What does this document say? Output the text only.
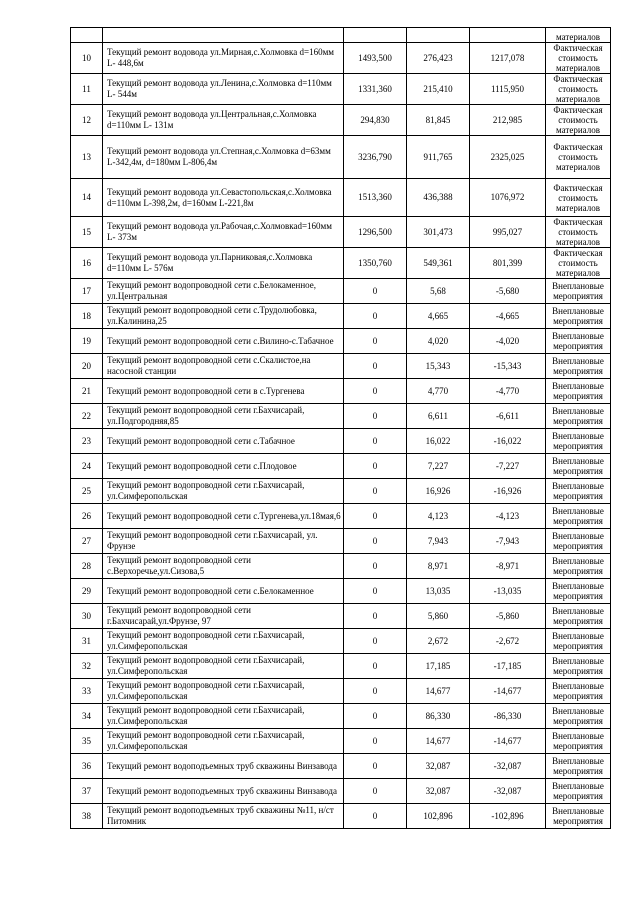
					материалов
10	Текущий ремонт водовода ул.Мирная,с.Холмовка d=160мм L- 448,6м	1493,500	276,423	1217,078	Фактическая стоимость материалов
11	Текущий ремонт водовода ул.Ленина,с.Холмовка d=110мм L- 544м	1331,360	215,410	1115,950	Фактическая стоимость материалов
12	Текущий ремонт водовода ул.Центральная,с.Холмовка d=110мм L- 131м	294,830	81,845	212,985	Фактическая стоимость материалов
13	Текущий ремонт водовода ул.Степная,с.Холмовка d=63мм L-342,4м, d=180мм L-806,4м	3236,790	911,765	2325,025	Фактическая стоимость материалов
14	Текущий ремонт водовода ул.Севастопольская,с.Холмовка d=110мм L-398,2м, d=160мм L-221,8м	1513,360	436,388	1076,972	Фактическая стоимость материалов
15	Текущий ремонт водовода ул.Рабочая,с.Холмовкаd=160мм L- 373м	1296,500	301,473	995,027	Фактическая стоимость материалов
16	Текущий ремонт водовода ул.Парниковая,с.Холмовка d=110мм L- 576м	1350,760	549,361	801,399	Фактическая стоимость материалов
17	Текущий ремонт водопроводной сети с.Белокаменное, ул.Центральная	0	5,68	-5,680	Внеплановые мероприятия
18	Текущий ремонт водопроводной сети с.Трудолюбовка, ул.Калинина,25	0	4,665	-4,665	Внеплановые мероприятия
19	Текущий ремонт водопроводной сети с.Вилино-с.Табачное	0	4,020	-4,020	Внеплановые мероприятия
20	Текущий ремонт водопроводной сети с.Скалистое,на насосной станции	0	15,343	-15,343	Внеплановые мероприятия
21	Текущий ремонт водопроводной сети в с.Тургенева	0	4,770	-4,770	Внеплановые мероприятия
22	Текущий ремонт водопроводной сети г.Бахчисарай, ул.Подгородняя,85	0	6,611	-6,611	Внеплановые мероприятия
23	Текущий ремонт водопроводной сети с.Табачное	0	16,022	-16,022	Внеплановые мероприятия
24	Текущий ремонт водопроводной сети с.Плодовое	0	7,227	-7,227	Внеплановые мероприятия
25	Текущий ремонт водопроводной сети г.Бахчисарай, ул.Симферопольская	0	16,926	-16,926	Внеплановые мероприятия
26	Текущий ремонт водопроводной сети с.Тургенева,ул.18мая,6	0	4,123	-4,123	Внеплановые мероприятия
27	Текущий ремонт водопроводной сети г.Бахчисарай, ул. Фрунзе	0	7,943	-7,943	Внеплановые мероприятия
28	Текущий ремонт водопроводной сети с.Верхоречье,ул.Сизова,5	0	8,971	-8,971	Внеплановые мероприятия
29	Текущий ремонт водопроводной сети с.Белокаменное	0	13,035	-13,035	Внеплановые мероприятия
30	Текущий ремонт водопроводной сети г.Бахчисарай,ул.Фрунзе, 97	0	5,860	-5,860	Внеплановые мероприятия
31	Текущий ремонт водопроводной сети г.Бахчисарай, ул.Симферопольская	0	2,672	-2,672	Внеплановые мероприятия
32	Текущий ремонт водопроводной сети г.Бахчисарай, ул.Симферопольская	0	17,185	-17,185	Внеплановые мероприятия
33	Текущий ремонт водопроводной сети г.Бахчисарай, ул.Симферопольская	0	14,677	-14,677	Внеплановые мероприятия
34	Текущий ремонт водопроводной сети г.Бахчисарай, ул.Симферопольская	0	86,330	-86,330	Внеплановые мероприятия
35	Текущий ремонт водопроводной сети г.Бахчисарай, ул.Симферопольская	0	14,677	-14,677	Внеплановые мероприятия
36	Текущий ремонт водоподъемных труб скважины Винзавода	0	32,087	-32,087	Внеплановые мероприятия
37	Текущий ремонт водоподъемных труб скважины Винзавода	0	32,087	-32,087	Внеплановые мероприятия
38	Текущий ремонт водоподъемных труб скважины №11, н/ст Питомник	0	102,896	-102,896	Внеплановые мероприятия
